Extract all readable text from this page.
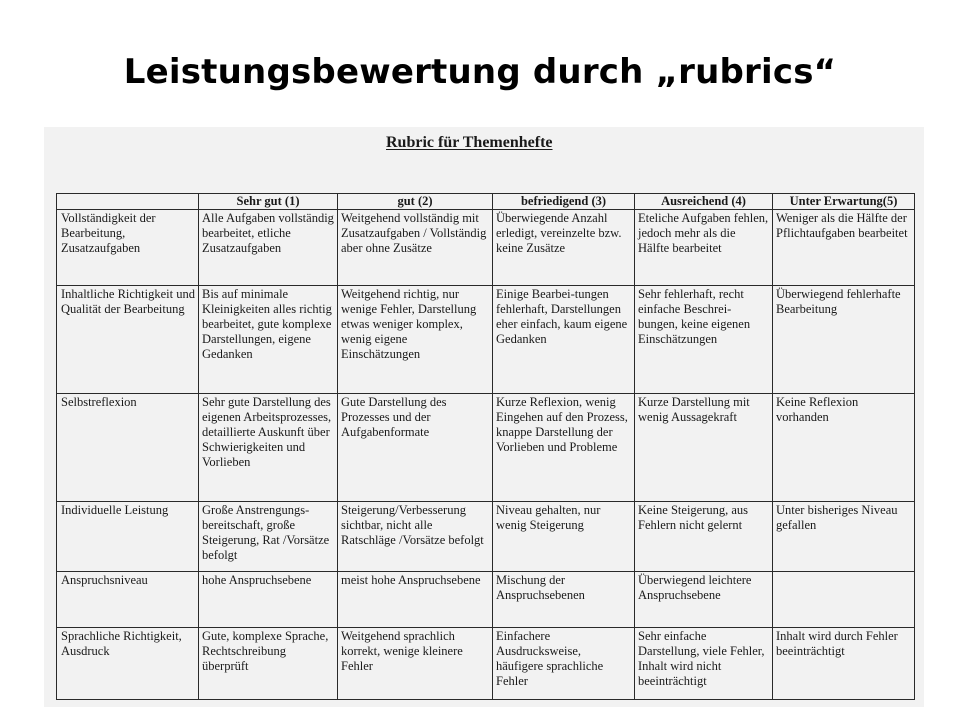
Leistungsbewertung durch „rubrics“
Rubric für Themenhefte
	Sehr gut (1)	gut (2)	befriedigend (3)	Ausreichend (4)	Unter Erwartung(5)
Vollständigkeit der Bearbeitung, Zusatzaufgaben	Alle Aufgaben vollständig bearbeitet, etliche Zusatzaufgaben	Weitgehend vollständig mit Zusatzaufgaben / Vollständig aber ohne Zusätze	Überwiegende Anzahl erledigt, vereinzelte bzw. keine Zusätze	Eteliche Aufgaben fehlen, jedoch mehr als die Hälfte bearbeitet	Weniger als die Hälfte der Pflichtaufgaben bearbeitet
Inhaltliche Richtigkeit und Qualität der Bearbeitung	Bis auf minimale Kleinigkeiten alles richtig bearbeitet, gute komplexe Darstellungen, eigene Gedanken	Weitgehend richtig, nur wenige Fehler, Darstellung etwas weniger komplex, wenig eigene Einschätzungen	Einige Bearbei-tungen fehlerhaft, Darstellungen eher einfach, kaum eigene Gedanken	Sehr fehlerhaft, recht einfache Beschrei-bungen, keine eigenen Einschätzungen	Überwiegend fehlerhafte Bearbeitung
Selbstreflexion	Sehr gute Darstellung des eigenen Arbeitsprozesses, detaillierte Auskunft über Schwierigkeiten und Vorlieben	Gute Darstellung des Prozesses und der Aufgabenformate	Kurze Reflexion, wenig Eingehen auf den Prozess, knappe Darstellung der Vorlieben und Probleme	Kurze Darstellung mit wenig Aussagekraft	Keine Reflexion vorhanden
Individuelle Leistung	Große Anstrengungs-bereitschaft, große Steigerung, Rat /Vorsätze befolgt	Steigerung/Verbesserung sichtbar, nicht alle Ratschläge /Vorsätze befolgt	Niveau gehalten, nur wenig Steigerung	Keine Steigerung, aus Fehlern nicht gelernt	Unter bisheriges Niveau gefallen
Anspruchsniveau	hohe Anspruchsebene	meist hohe Anspruchsebene	Mischung der Anspruchsebenen	Überwiegend leichtere Anspruchsebene	
Sprachliche Richtigkeit, Ausdruck	Gute, komplexe Sprache, Rechtschreibung überprüft	Weitgehend sprachlich korrekt, wenige kleinere Fehler	Einfachere Ausdrucksweise, häufigere sprachliche Fehler	Sehr einfache Darstellung, viele Fehler, Inhalt wird nicht beeinträchtigt	Inhalt wird durch Fehler beeinträchtigt
